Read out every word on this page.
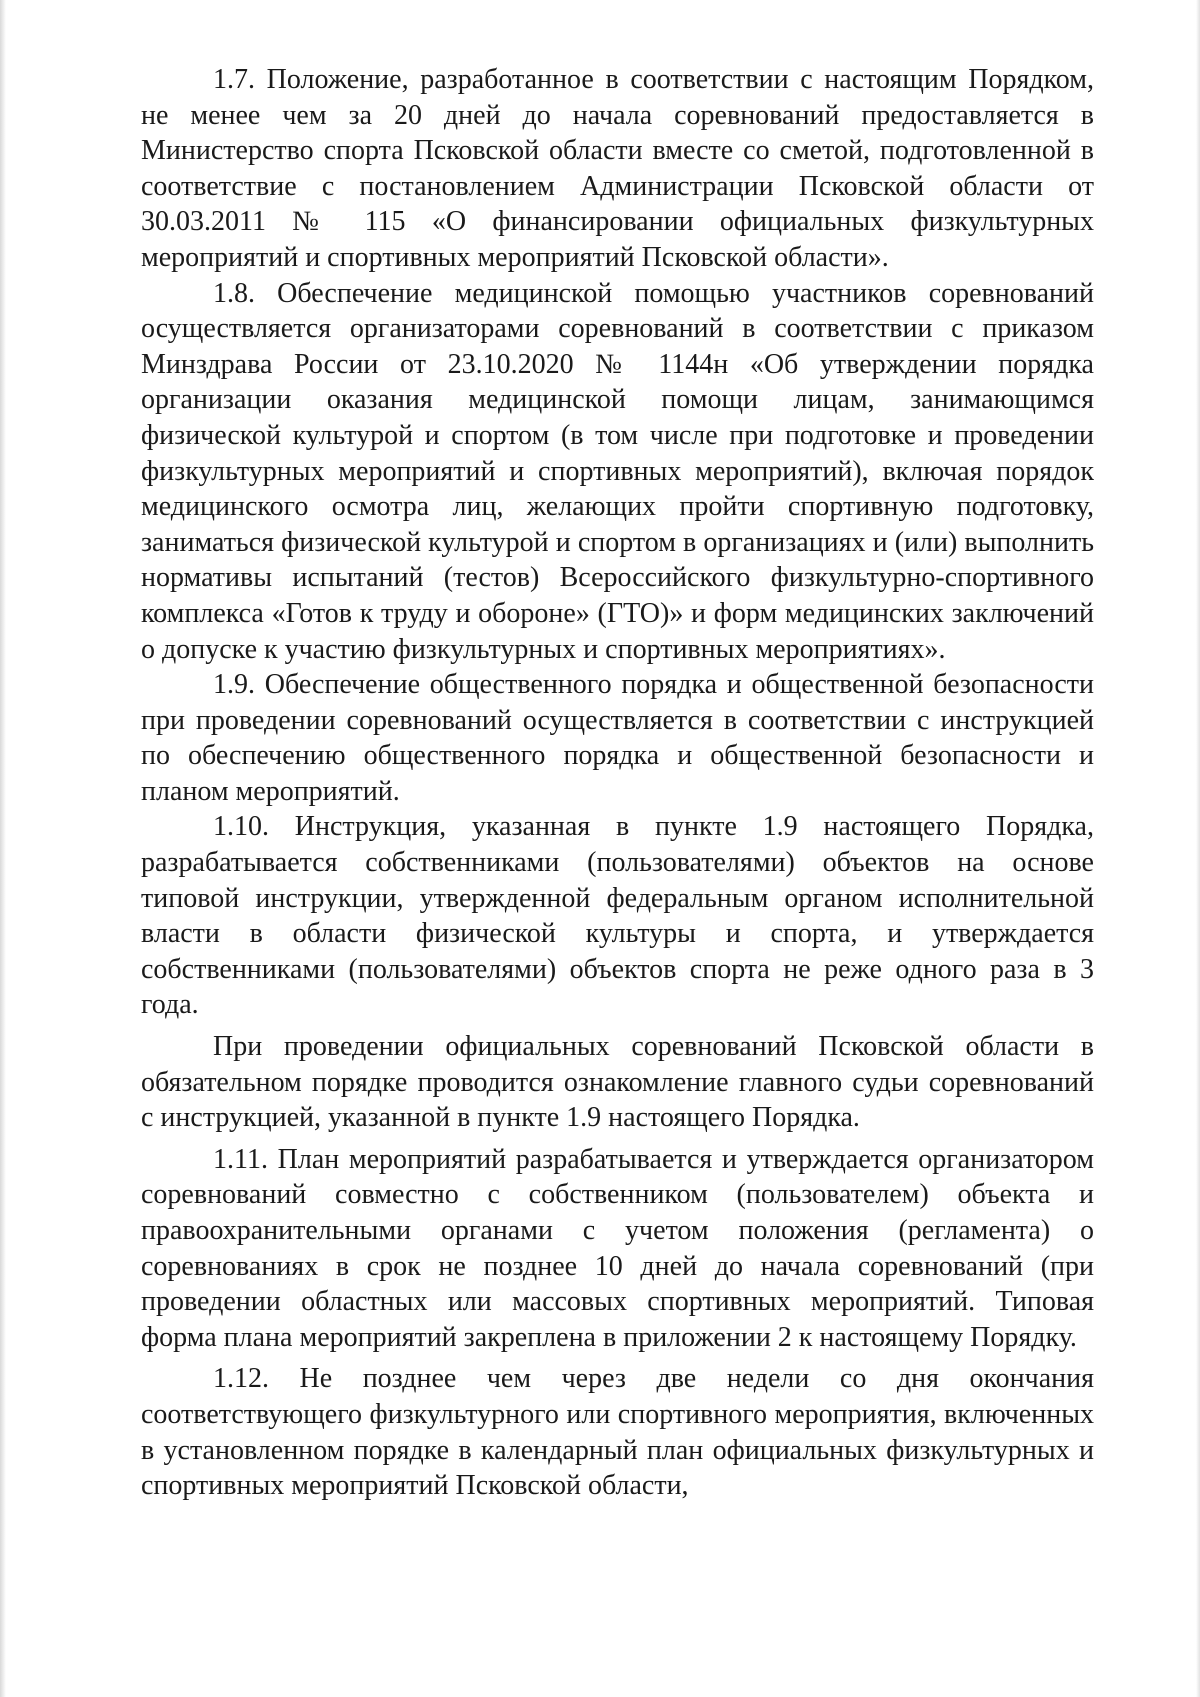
1.7. Положение, разработанное в соответствии с настоящим Порядком, не менее чем за 20 дней до начала соревнований предоставляется в Министерство спорта Псковской области вместе со сметой, подготовленной в соответствие с постановлением Администрации Псковской области от 30.03.2011 № 115 «О финансировании официальных физкультурных мероприятий и спортивных мероприятий Псковской области».

1.8. Обеспечение медицинской помощью участников соревнований осуществляется организаторами соревнований в соответствии с приказом Минздрава России от 23.10.2020 № 1144н «Об утверждении порядка организации оказания медицинской помощи лицам, занимающимся физической культурой и спортом (в том числе при подготовке и проведении физкультурных мероприятий и спортивных мероприятий), включая порядок медицинского осмотра лиц, желающих пройти спортивную подготовку, заниматься физической культурой и спортом в организациях и (или) выполнить нормативы испытаний (тестов) Всероссийского физкультурно-спортивного комплекса «Готов к труду и обороне» (ГТО)» и форм медицинских заключений о допуске к участию физкультурных и спортивных мероприятиях».

1.9. Обеспечение общественного порядка и общественной безопасности при проведении соревнований осуществляется в соответствии с инструкцией по обеспечению общественного порядка и общественной безопасности и планом мероприятий.

1.10. Инструкция, указанная в пункте 1.9 настоящего Порядка, разрабатывается собственниками (пользователями) объектов на основе типовой инструкции, утвержденной федеральным органом исполнительной власти в области физической культуры и спорта, и утверждается собственниками (пользователями) объектов спорта не реже одного раза в 3 года.

При проведении официальных соревнований Псковской области в обязательном порядке проводится ознакомление главного судьи соревнований с инструкцией, указанной в пункте 1.9 настоящего Порядка.

1.11. План мероприятий разрабатывается и утверждается организатором соревнований совместно с собственником (пользователем) объекта и правоохранительными органами с учетом положения (регламента) о соревнованиях в срок не позднее 10 дней до начала соревнований (при проведении областных или массовых спортивных мероприятий. Типовая форма плана мероприятий закреплена в приложении 2 к настоящему Порядку.

1.12. Не позднее чем через две недели со дня окончания соответствующего физкультурного или спортивного мероприятия, включенных в установленном порядке в календарный план официальных физкультурных и спортивных мероприятий Псковской области,
